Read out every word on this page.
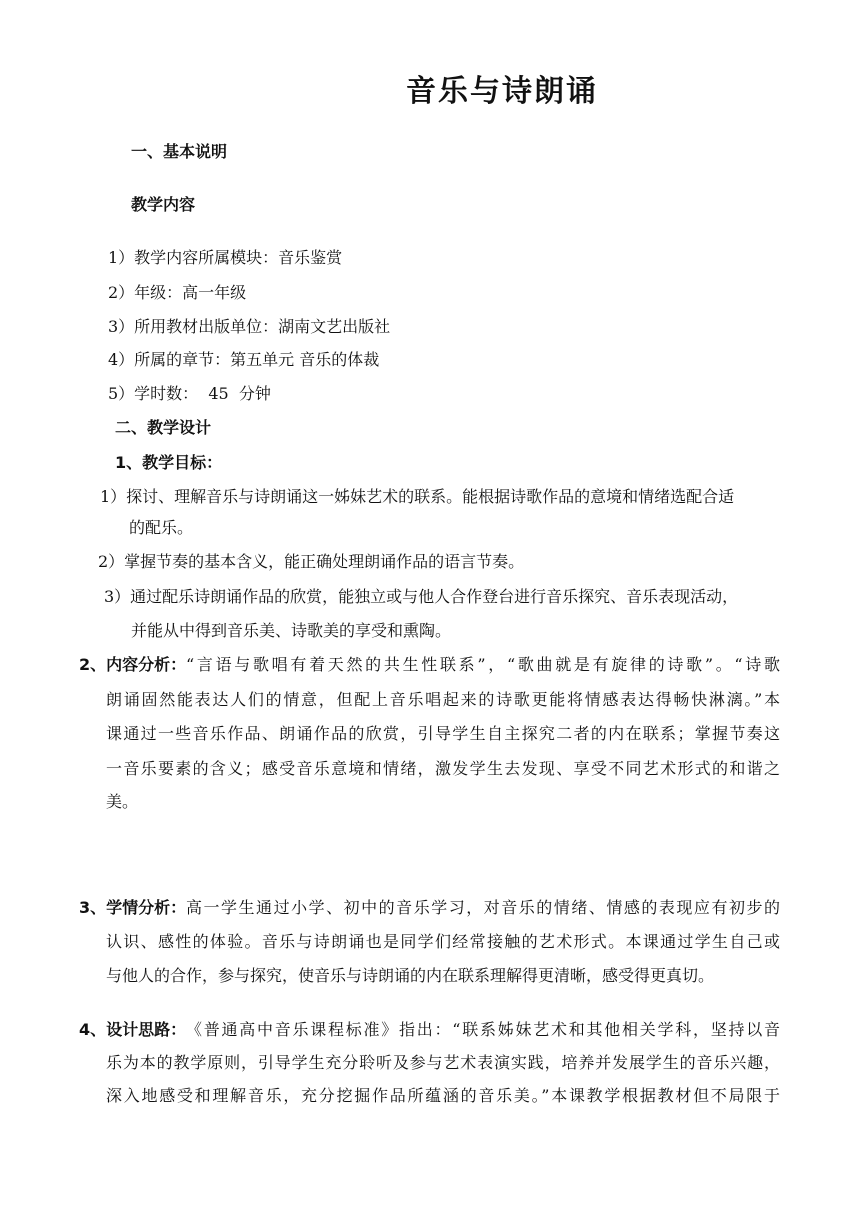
音乐与诗朗诵
一、基本说明
教学内容
1）教学内容所属模块：音乐鉴赏
2）年级：高一年级
3）所用教材出版单位：湖南文艺出版社
4）所属的章节：第五单元 音乐的体裁
5）学时数：  45  分钟
二、教学设计
1、教学目标：
1）探讨、理解音乐与诗朗诵这一姊妹艺术的联系。能根据诗歌作品的意境和情绪选配合适
的配乐。
2）掌握节奏的基本含义，能正确处理朗诵作品的语言节奏。
3）通过配乐诗朗诵作品的欣赏，能独立或与他人合作登台进行音乐探究、音乐表现活动，
并能从中得到音乐美、诗歌美的享受和熏陶。
2、内容分析： “言语与歌唱有着天然的共生性联系”，“歌曲就是有旋律的诗歌”。“诗歌
朗诵固然能表达人们的情意，但配上音乐唱起来的诗歌更能将情感表达得畅快淋漓。”本
课通过一些音乐作品、朗诵作品的欣赏，引导学生自主探究二者的内在联系；掌握节奏这
一音乐要素的含义；感受音乐意境和情绪，激发学生去发现、享受不同艺术形式的和谐之
美。
3、学情分析： 高一学生通过小学、初中的音乐学习，对音乐的情绪、情感的表现应有初步的
认识、感性的体验。音乐与诗朗诵也是同学们经常接触的艺术形式。本课通过学生自己或
与他人的合作，参与探究，使音乐与诗朗诵的内在联系理解得更清晰，感受得更真切。
4、设计思路： 《普通高中音乐课程标准》指出：“联系姊妹艺术和其他相关学科，坚持以音
乐为本的教学原则，引导学生充分聆听及参与艺术表演实践，培养并发展学生的音乐兴趣，
深入地感受和理解音乐，充分挖掘作品所蕴涵的音乐美。”本课教学根据教材但不局限于
